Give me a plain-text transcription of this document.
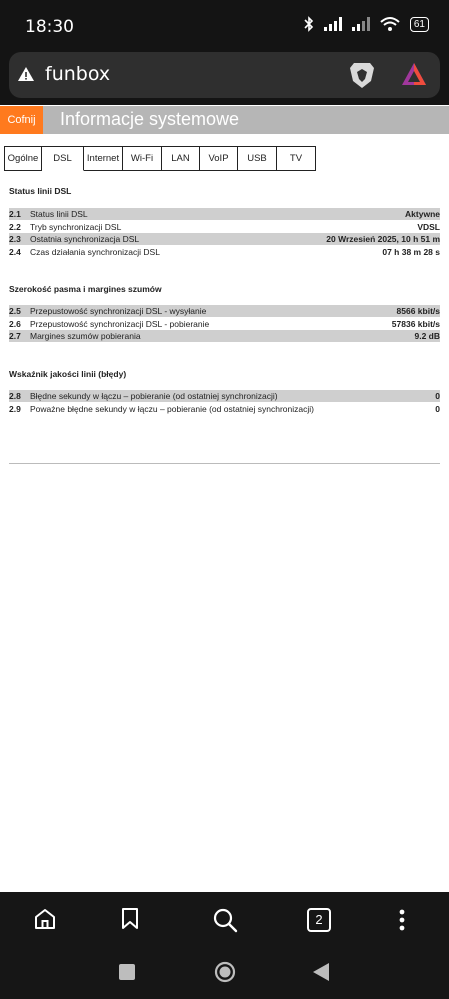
18:30	61
funbox
Cofnij	Informacje systemowe
Ogólne	DSL	Internet	Wi-Fi	LAN	VoIP	USB	TV
Status linii DSL
2.1 Status linii DSL	Aktywne
2.2 Tryb synchronizacji DSL	VDSL
2.3 Ostatnia synchronizacja DSL	20 Wrzesień 2025, 10 h 51 m
2.4 Czas działania synchronizacji DSL	07 h 38 m 28 s
Szerokość pasma i margines szumów
2.5 Przepustowość synchronizacji DSL - wysyłanie	8566 kbit/s
2.6 Przepustowość synchronizacji DSL - pobieranie	57836 kbit/s
2.7 Margines szumów pobierania	9.2 dB
Wskaźnik jakości linii (błędy)
2.8 Błędne sekundy w łączu – pobieranie (od ostatniej synchronizacji)	0
2.9 Poważne błędne sekundy w łączu – pobieranie (od ostatniej synchronizacji)	0
2
